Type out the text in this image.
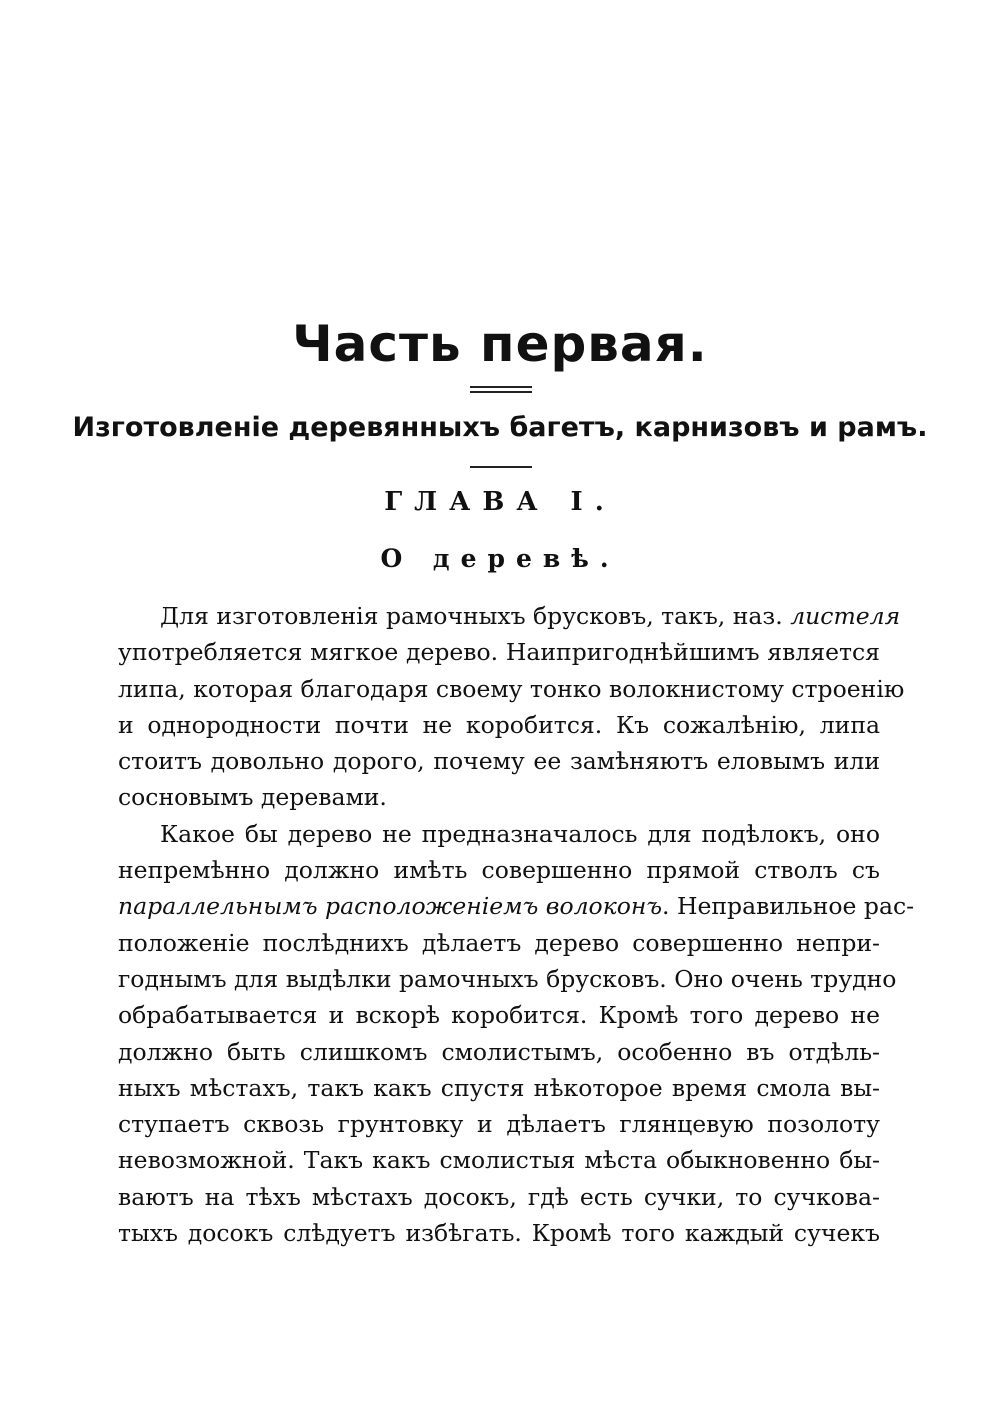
Часть первая.
Изготовленіе деревянныхъ багетъ, карнизовъ и рамъ.
ГЛАВА I.
О деревѣ.
Для изготовленія рамочныхъ брусковъ, такъ, наз. листеля
употребляется мягкое дерево. Наипригоднѣйшимъ является
липа, которая благодаря своему тонко волокнистому строенію
и однородности почти не коробится. Къ сожалѣнію, липа
стоитъ довольно дорого, почему ее замѣняютъ еловымъ или
сосновымъ деревами.
Какое бы дерево не предназначалось для подѣлокъ, оно
непремѣнно должно имѣть совершенно прямой стволъ съ
параллельнымъ расположеніемъ волоконъ. Неправильное рас-
положеніе послѣднихъ дѣлаетъ дерево совершенно непри-
годнымъ для выдѣлки рамочныхъ брусковъ. Оно очень трудно
обрабатывается и вскорѣ коробится. Кромѣ того дерево не
должно быть слишкомъ смолистымъ, особенно въ отдѣль-
ныхъ мѣстахъ, такъ какъ спустя нѣкоторое время смола вы-
ступаетъ сквозь грунтовку и дѣлаетъ глянцевую позолоту
невозможной. Такъ какъ смолистыя мѣста обыкновенно бы-
ваютъ на тѣхъ мѣстахъ досокъ, гдѣ есть сучки, то сучкова-
тыхъ досокъ слѣдуетъ избѣгать. Кромѣ того каждый сучекъ
